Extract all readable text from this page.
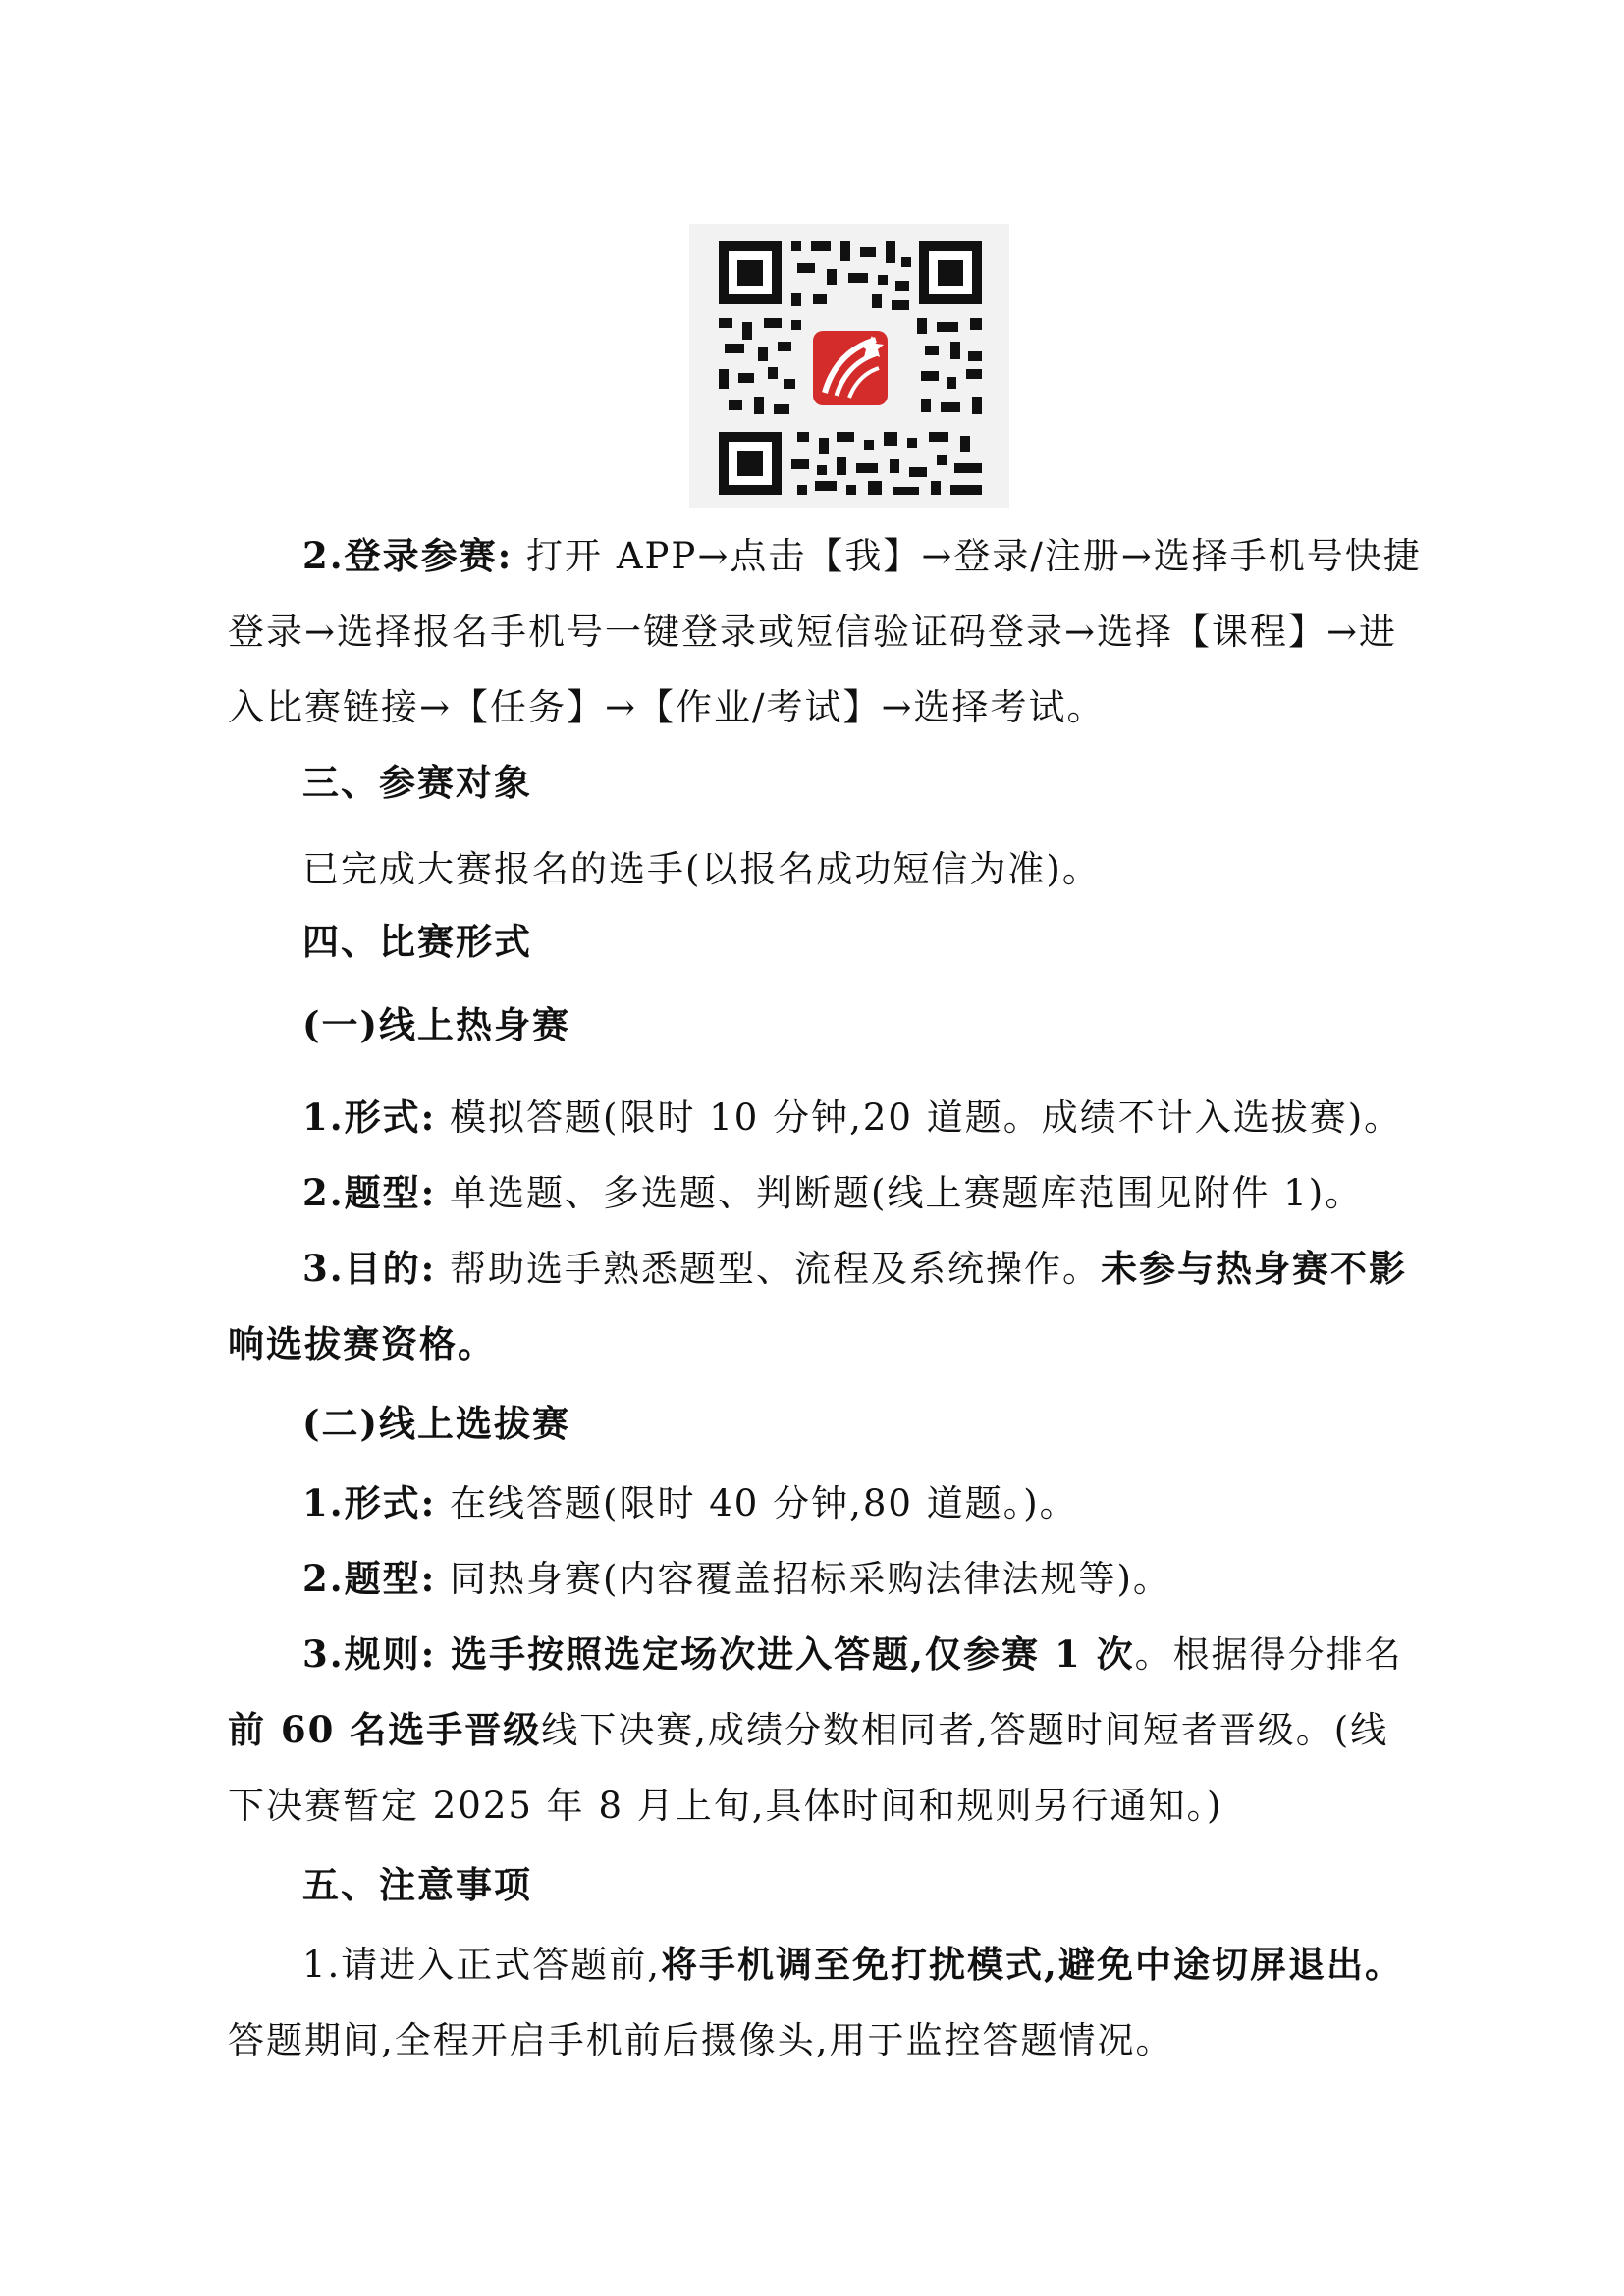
2.登录参赛: 打开 APP→点击【我】→登录/注册→选择手机号快捷
登录→选择报名手机号一键登录或短信验证码登录→选择【课程】→进
入比赛链接→【任务】→【作业/考试】→选择考试。
三、参赛对象
已完成大赛报名的选手(以报名成功短信为准)。
四、比赛形式
(一)线上热身赛
1.形式: 模拟答题(限时 10 分钟,20 道题。成绩不计入选拔赛)。
2.题型: 单选题、多选题、判断题(线上赛题库范围见附件 1)。
3.目的: 帮助选手熟悉题型、流程及系统操作。未参与热身赛不影
响选拔赛资格。
(二)线上选拔赛
1.形式: 在线答题(限时 40 分钟,80 道题。)。
2.题型: 同热身赛(内容覆盖招标采购法律法规等)。
3.规则: 选手按照选定场次进入答题,仅参赛 1 次。根据得分排名
前 60 名选手晋级线下决赛,成绩分数相同者,答题时间短者晋级。(线
下决赛暂定 2025 年 8 月上旬,具体时间和规则另行通知。)
五、注意事项
1.请进入正式答题前,将手机调至免打扰模式,避免中途切屏退出。
答题期间,全程开启手机前后摄像头,用于监控答题情况。
